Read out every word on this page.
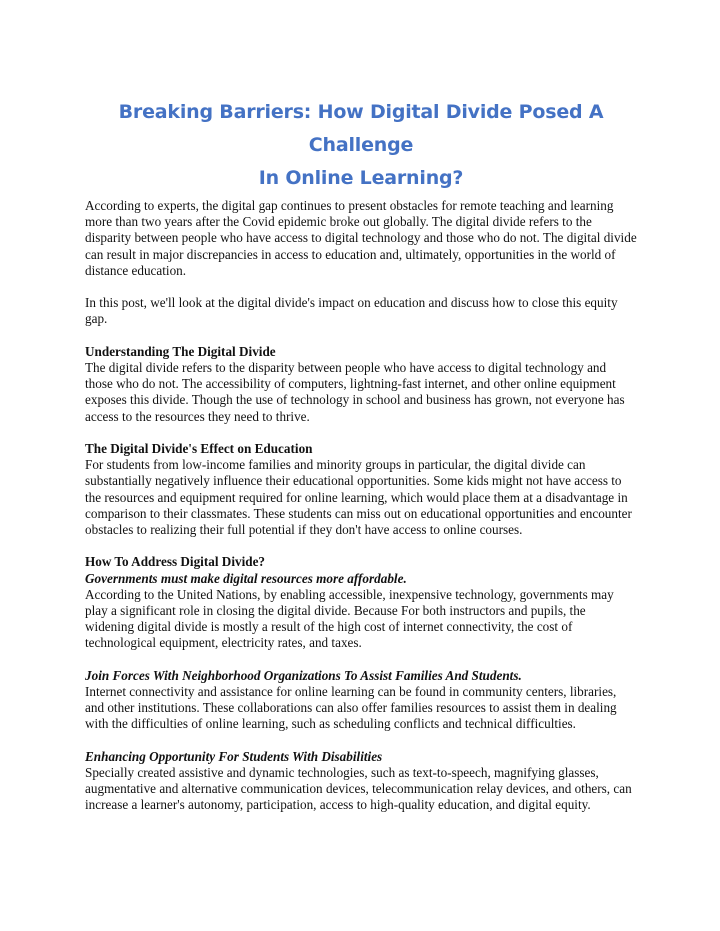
Breaking Barriers: How Digital Divide Posed A Challenge
In Online Learning?

According to experts, the digital gap continues to present obstacles for remote teaching and learning more than two years after the Covid epidemic broke out globally. The digital divide refers to the disparity between people who have access to digital technology and those who do not. The digital divide can result in major discrepancies in access to education and, ultimately, opportunities in the world of distance education.

In this post, we'll look at the digital divide's impact on education and discuss how to close this equity gap.

Understanding The Digital Divide

The digital divide refers to the disparity between people who have access to digital technology and those who do not. The accessibility of computers, lightning-fast internet, and other online equipment exposes this divide. Though the use of technology in school and business has grown, not everyone has access to the resources they need to thrive.

The Digital Divide's Effect on Education

For students from low-income families and minority groups in particular, the digital divide can substantially negatively influence their educational opportunities. Some kids might not have access to the resources and equipment required for online learning, which would place them at a disadvantage in comparison to their classmates. These students can miss out on educational opportunities and encounter obstacles to realizing their full potential if they don't have access to online courses.

How To Address Digital Divide?

Governments must make digital resources more affordable.

According to the United Nations, by enabling accessible, inexpensive technology, governments may play a significant role in closing the digital divide. Because For both instructors and pupils, the widening digital divide is mostly a result of the high cost of internet connectivity, the cost of technological equipment, electricity rates, and taxes.

Join Forces With Neighborhood Organizations To Assist Families And Students.

Internet connectivity and assistance for online learning can be found in community centers, libraries, and other institutions. These collaborations can also offer families resources to assist them in dealing with the difficulties of online learning, such as scheduling conflicts and technical difficulties.

Enhancing Opportunity For Students With Disabilities

Specially created assistive and dynamic technologies, such as text-to-speech, magnifying glasses, augmentative and alternative communication devices, telecommunication relay devices, and others, can increase a learner's autonomy, participation, access to high-quality education, and digital equity.
